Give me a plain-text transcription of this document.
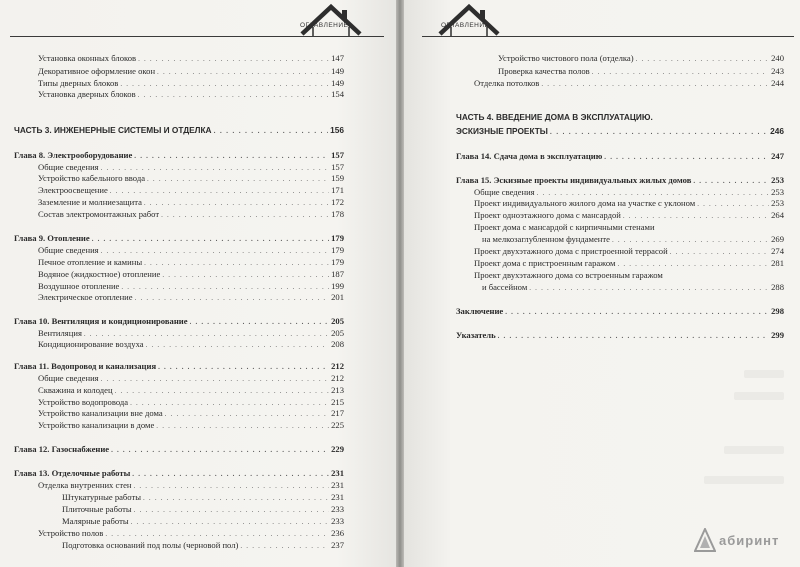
ОГЛАВЛЕНИЕ
Установка оконных блоков . . .	147
Декоративное оформление окон . . .	149
Типы дверных блоков . . .	149
Установка дверных блоков . . .	154
ЧАСТЬ 3. ИНЖЕНЕРНЫЕ СИСТЕМЫ И ОТДЕЛКА . . .	156
Глава 8. Электрооборудование . . .	157
Общие сведения . . .	157
Устройство кабельного ввода . . .	159
Электроосвещение . . .	171
Заземление и молниезащита . . .	172
Состав электромонтажных работ . . .	178
Глава 9. Отопление . . .	179
Общие сведения . . .	179
Печное отопление и камины . . .	179
Водяное (жидкостное) отопление . . .	187
Воздушное отопление . . .	199
Электрическое отопление . . .	201
Глава 10. Вентиляция и кондиционирование . . .	205
Вентиляция . . .	205
Кондиционирование воздуха . . .	208
Глава 11. Водопровод и канализация . . .	212
Общие сведения . . .	212
Скважина и колодец . . .	213
Устройство водопровода . . .	215
Устройство канализации вне дома . . .	217
Устройство канализации в доме . . .	225
Глава 12. Газоснабжение . . .	229
Глава 13. Отделочные работы . . .	231
Отделка внутренних стен . . .	231
Штукатурные работы . . .	231
Плиточные работы . . .	233
Малярные работы . . .	233
Устройство полов . . .	236
Подготовка оснований под полы (черновой пол) . . .	237
ОГЛАВЛЕНИЕ
Устройство чистового пола (отделка) . . .	240
Проверка качества полов . . .	243
Отделка потолков . . .	244
ЧАСТЬ 4. ВВЕДЕНИЕ ДОМА В ЭКСПЛУАТАЦИЮ.
ЭСКИЗНЫЕ ПРОЕКТЫ . . .	246
Глава 14. Сдача дома в эксплуатацию . . .	247
Глава 15. Эскизные проекты индивидуальных жилых домов . . .	253
Общие сведения . . .	253
Проект индивидуального жилого дома на участке с уклоном . . .	253
Проект одноэтажного дома с мансардой . . .	264
Проект дома с мансардой с кирпичными стенами
на мелкозаглубленном фундаменте . . .	269
Проект двухэтажного дома с пристроенной террасой . . .	274
Проект дома с пристроенным гаражом . . .	281
Проект двухэтажного дома со встроенным гаражом
и бассейном . . .	288
Заключение . . .	298
Указатель . . .	299
абиринт
